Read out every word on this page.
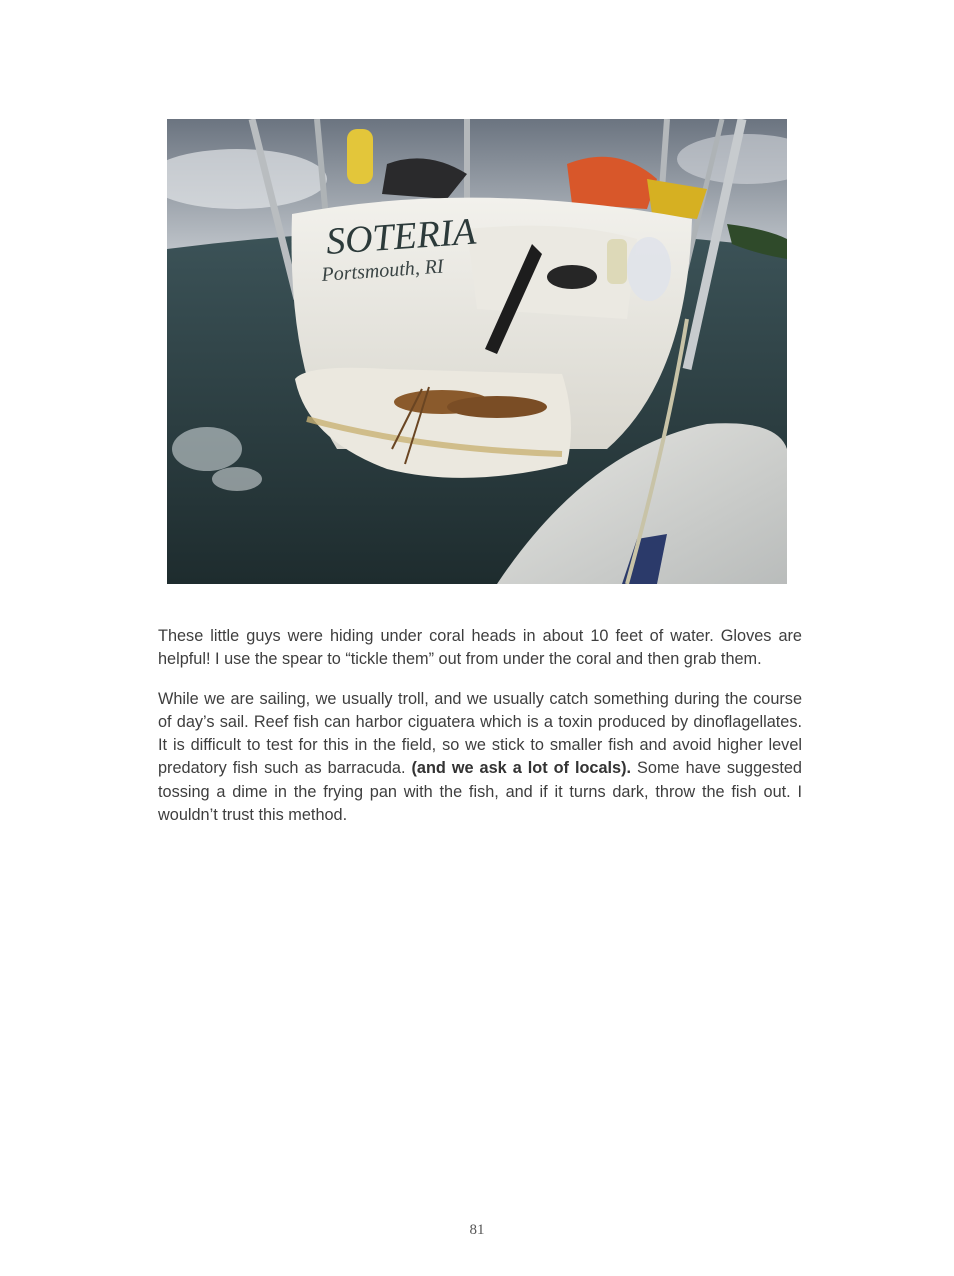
SOTERIA
Portsmouth, RI

These little guys were hiding under coral heads in about 10 feet of water. Gloves are helpful! I use the spear to “tickle them” out from under the coral and then grab them.

While we are sailing, we usually troll, and we usually catch something during the course of day’s sail. Reef fish can harbor ciguatera which is a toxin produced by dinoflagellates. It is difficult to test for this in the field, so we stick to smaller fish and avoid higher level predatory fish such as barracuda. (and we ask a lot of locals). Some have suggested tossing a dime in the frying pan with the fish, and if it turns dark, throw the fish out. I wouldn’t trust this method.

81
